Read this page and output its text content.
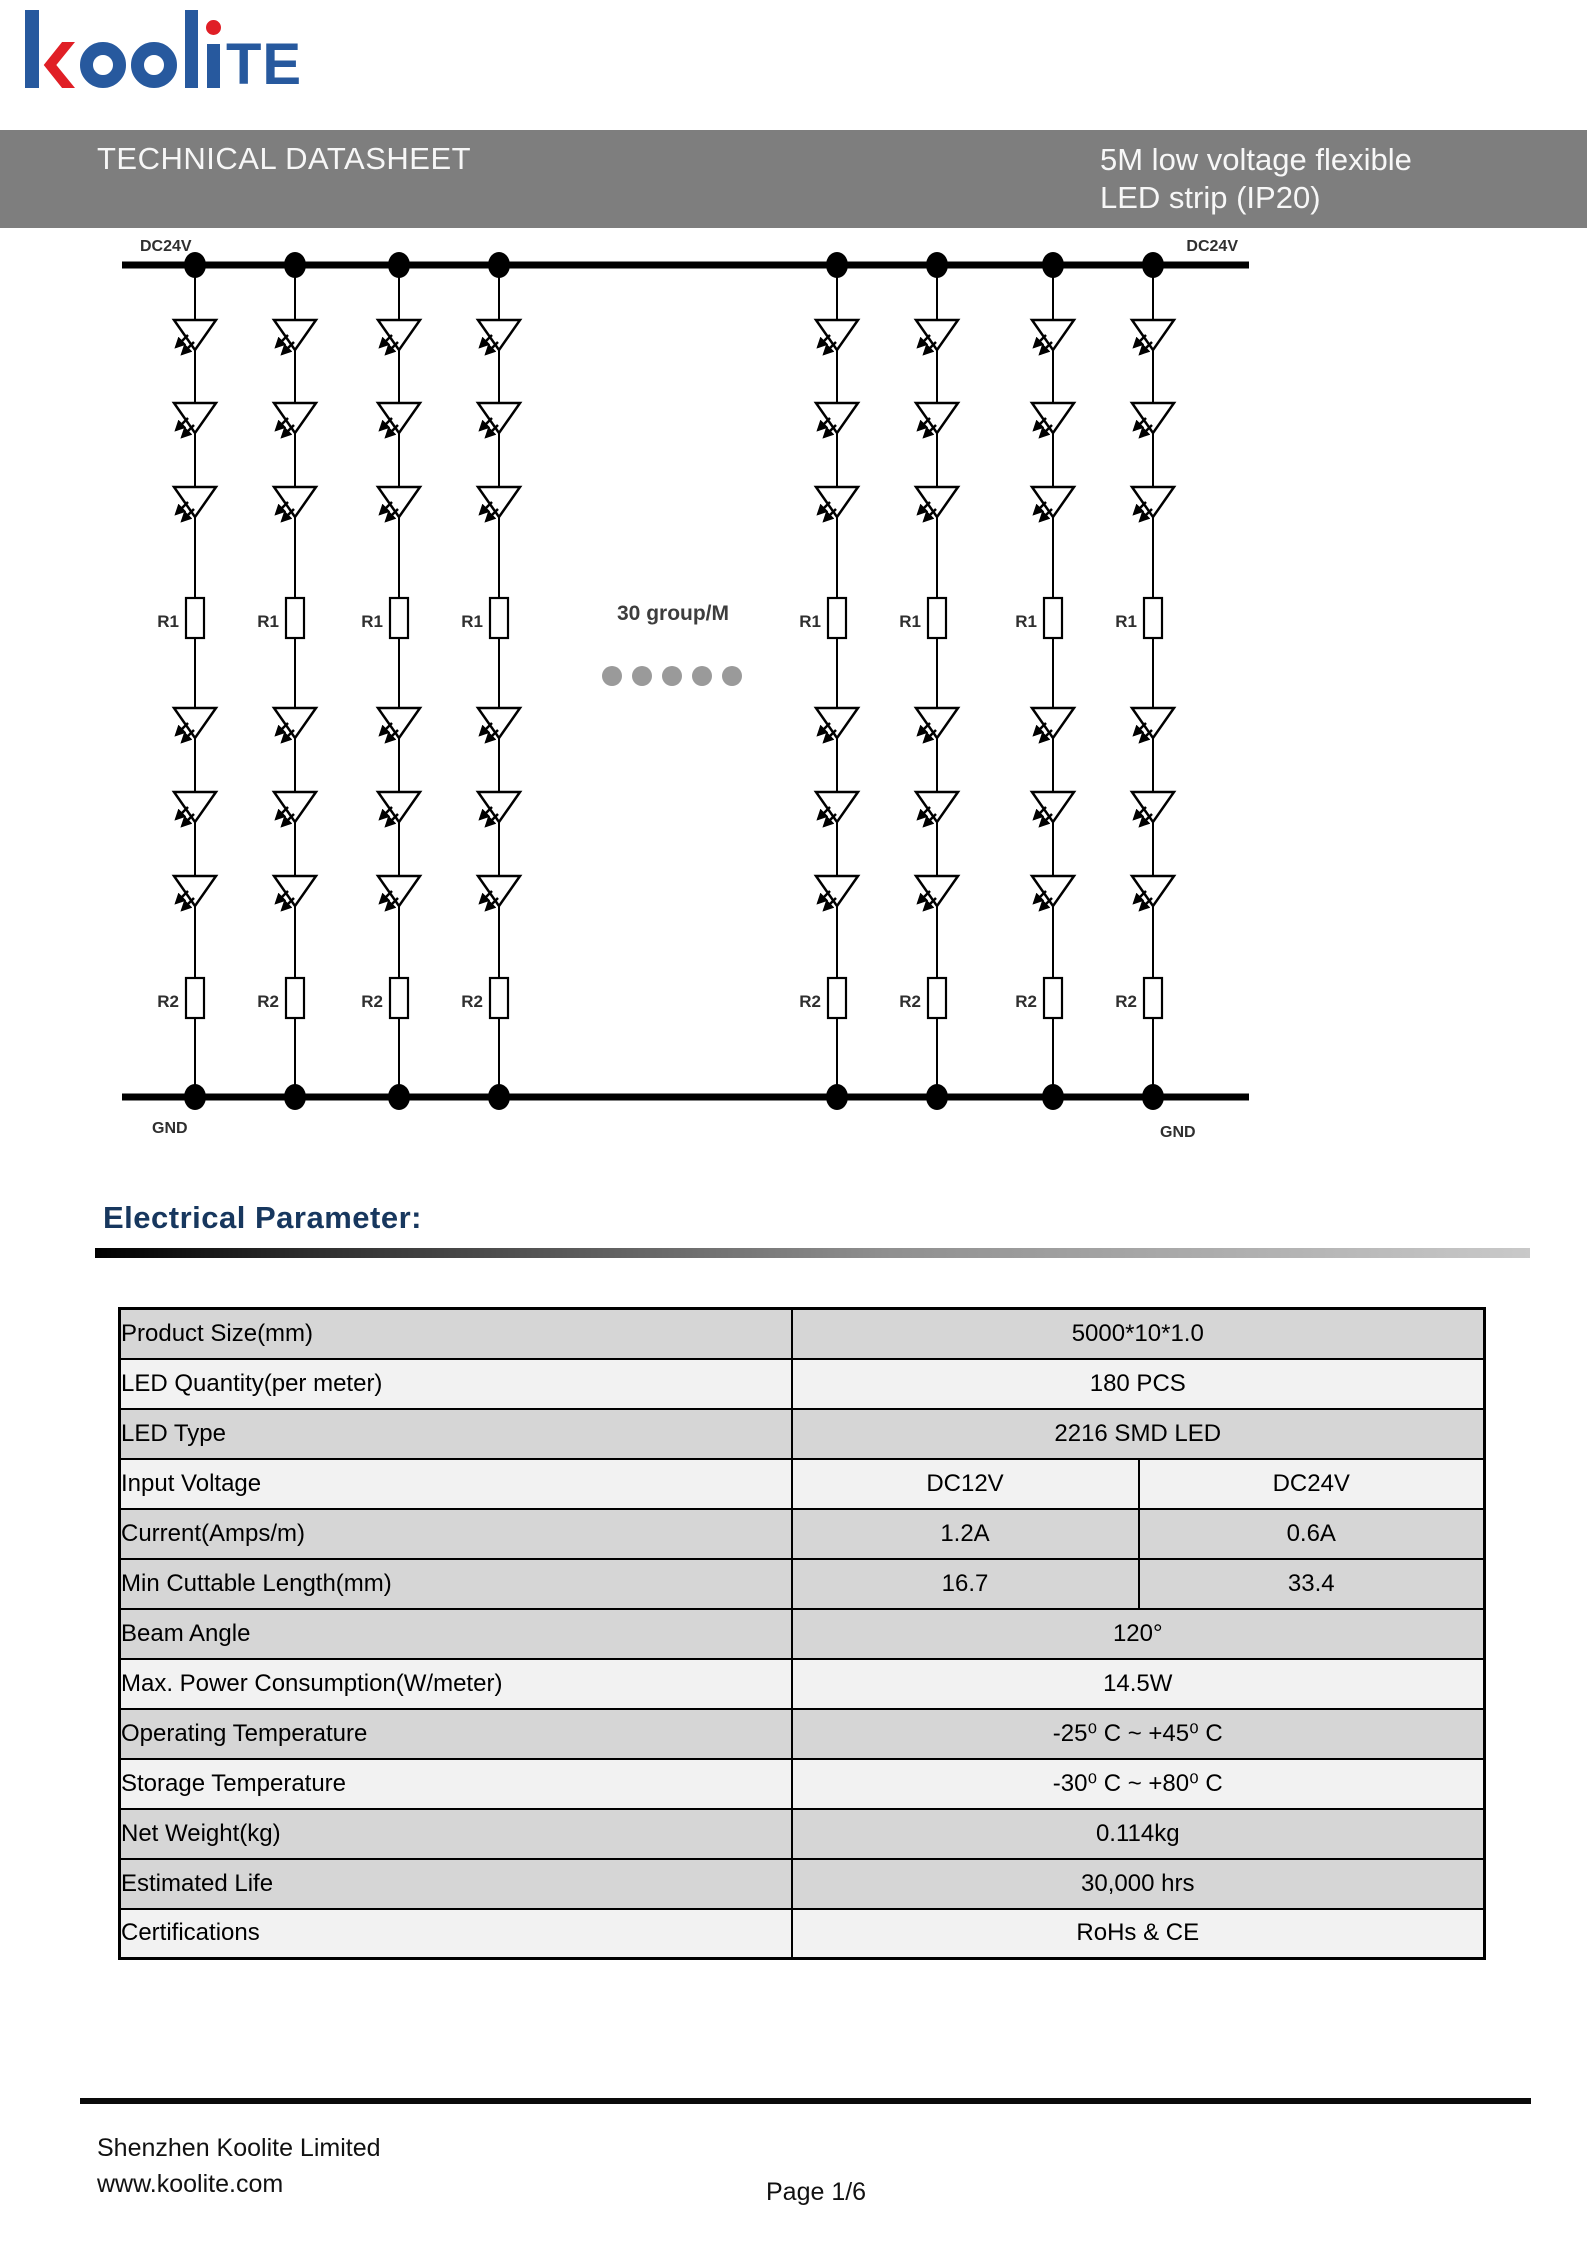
TE
TECHNICAL DATASHEET	5M low voltage flexible
LED strip (IP20)
DC24V	DC24V
GND	GND
30 group/M
Electrical Parameter:
Product Size(mm)	5000*10*1.0	
LED Quantity(per meter)	180 PCS	
LED Type	2216 SMD LED	
Input Voltage	DC12V	DC24V
Current(Amps/m)	1.2A	0.6A
Min Cuttable Length(mm)	16.7	33.4
Beam Angle	120°	
Max. Power Consumption(W/meter)	14.5W	
Operating Temperature	-25⁰ C ~ +45⁰ C	
Storage Temperature	-30⁰ C ~ +80⁰ C	
Net Weight(kg)	0.114kg	
Estimated Life	30,000 hrs	
Certifications	RoHs & CE	
Shenzhen Koolite Limited
www.koolite.com	Page 1/6
